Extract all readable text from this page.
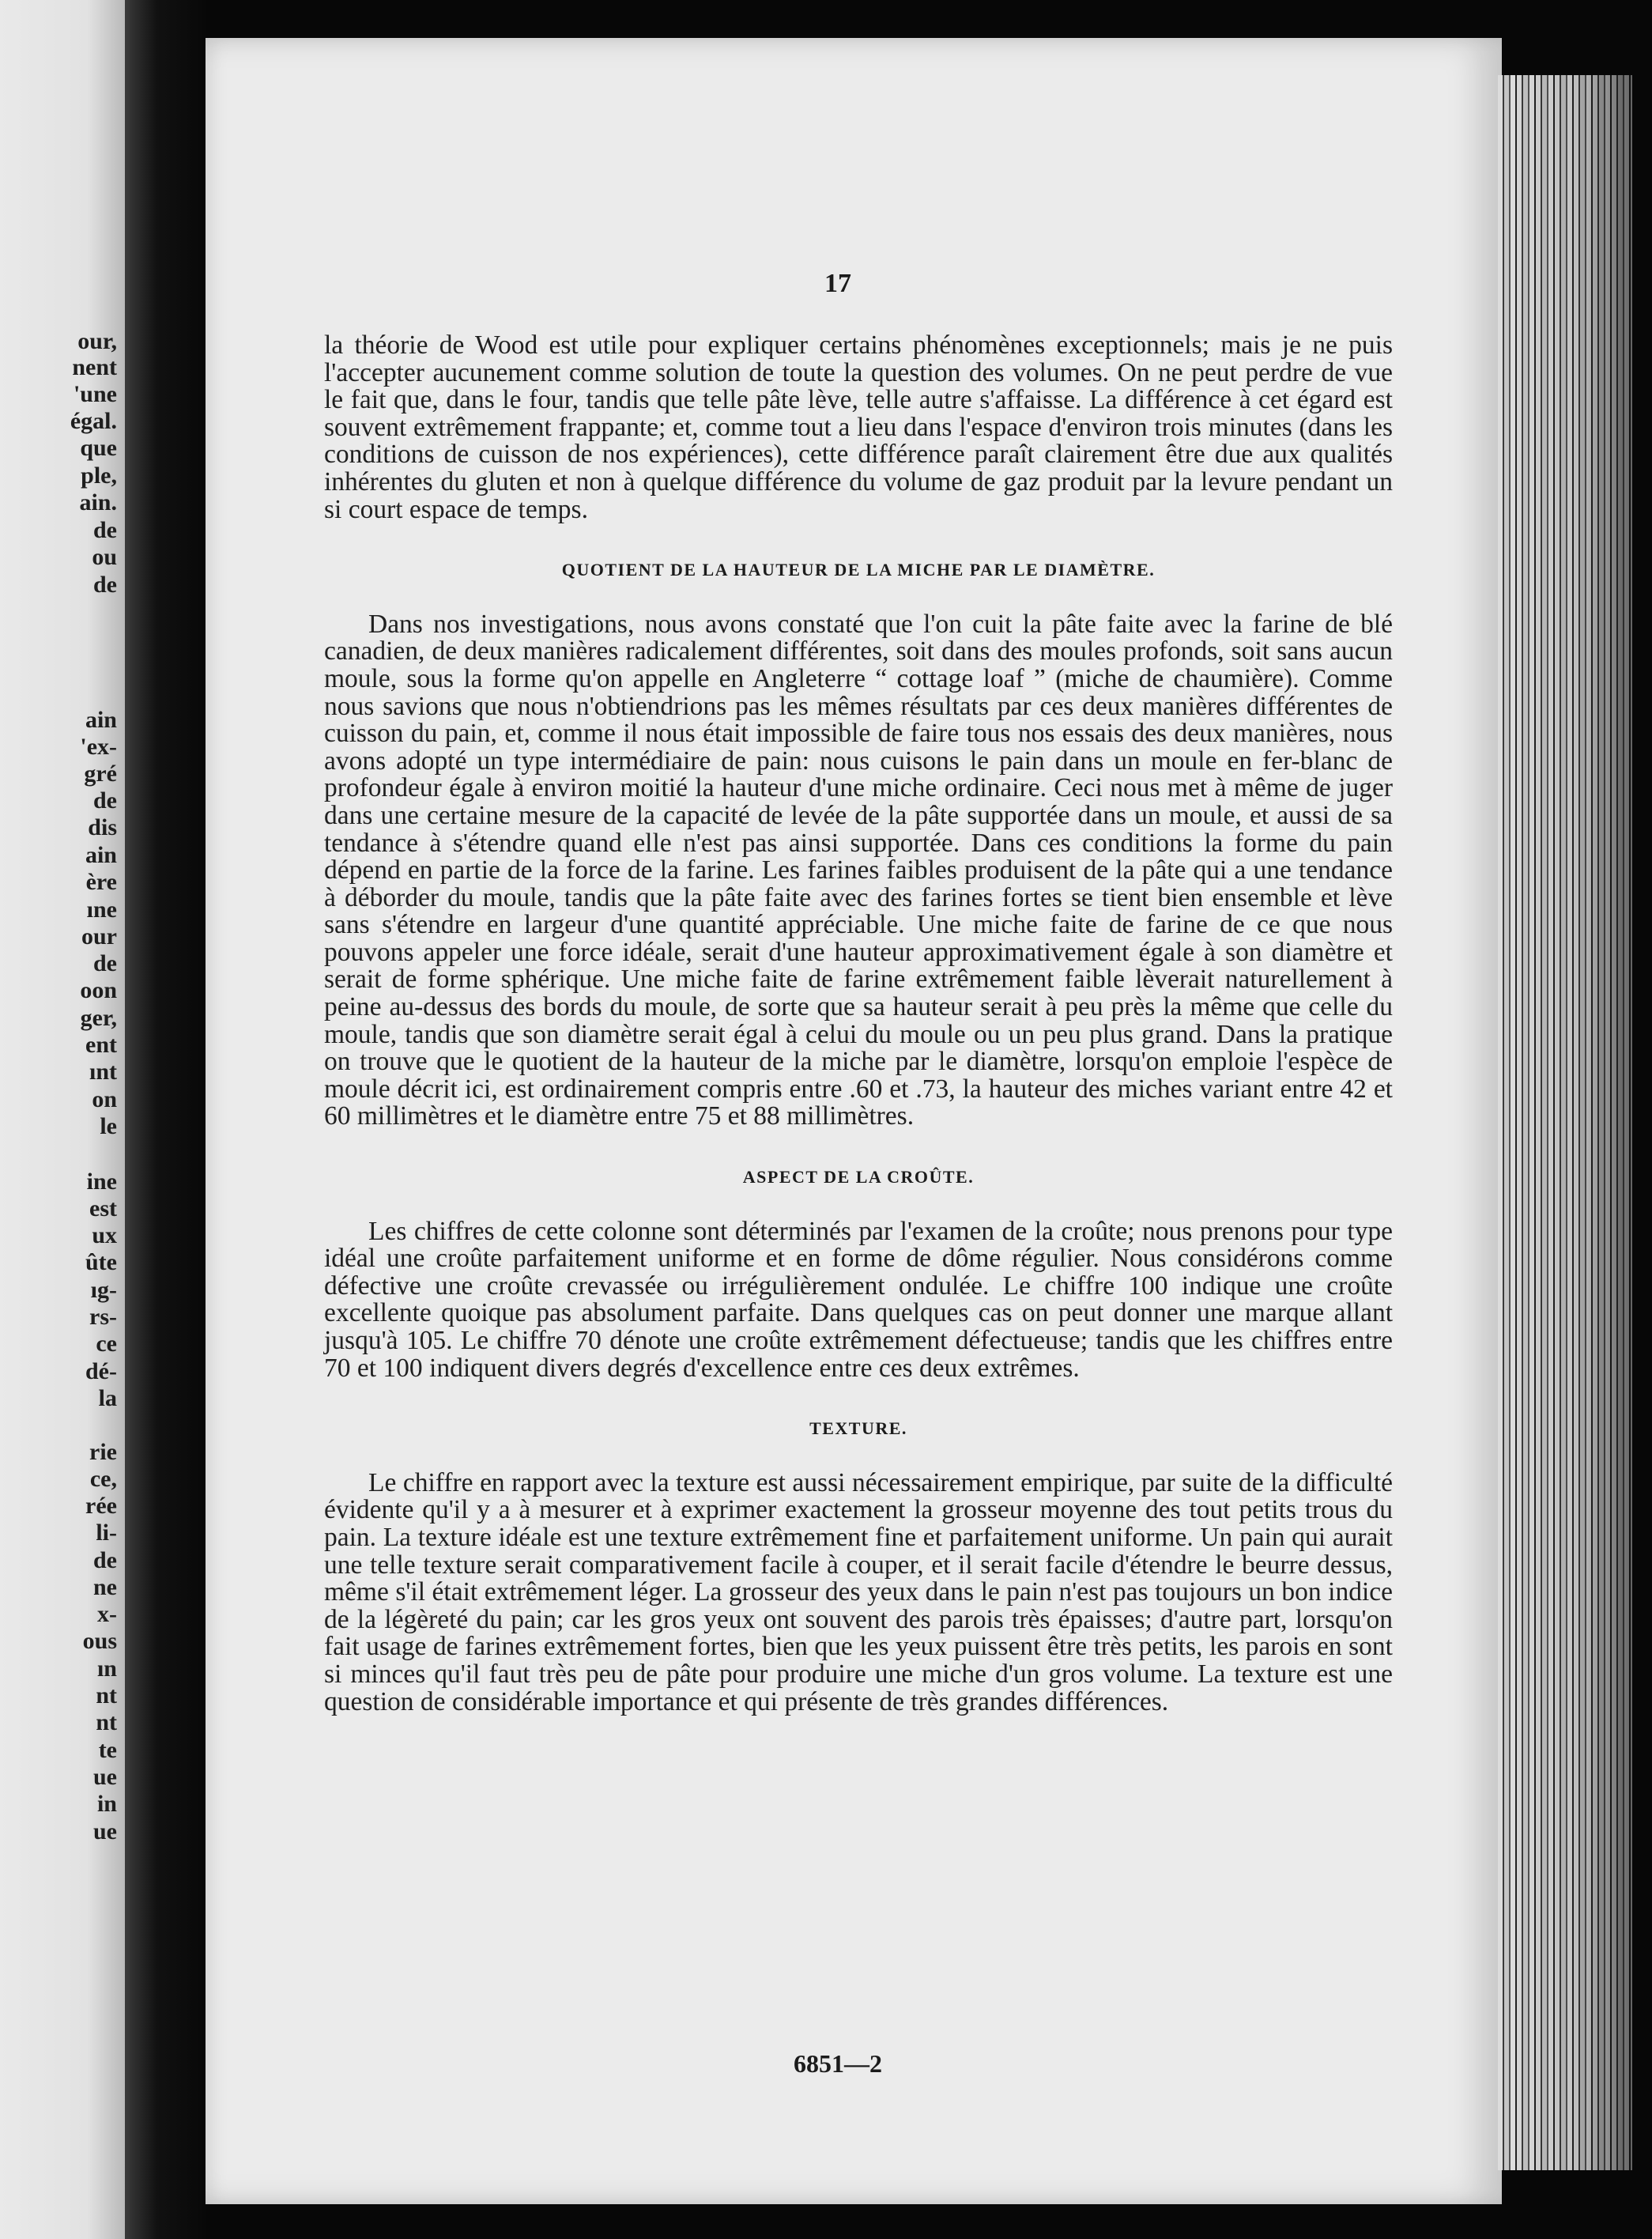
our,
nent
'une
égal.
que
ple,
ain.
de
ou
de
ain
'ex-
gré
de
dis
ain
ère
ıne
our
de
oon
ger,
ent
ınt
on
le
ine
est
ux
ûte
ıg-
rs-
ce
dé-
la
rie
ce,
rée
li-
de
ne
x-
ous
ın
nt
nt
te
ue
in
ue
17

la théorie de Wood est utile pour expliquer certains phénomènes exceptionnels; mais je ne puis l'accepter aucunement comme solution de toute la question des volumes. On ne peut perdre de vue le fait que, dans le four, tandis que telle pâte lève, telle autre s'affaisse. La différence à cet égard est souvent extrêmement frappante; et, comme tout a lieu dans l'espace d'environ trois minutes (dans les conditions de cuisson de nos expériences), cette différence paraît clairement être due aux qualités inhérentes du gluten et non à quelque différence du volume de gaz produit par la levure pendant un si court espace de temps.

QUOTIENT DE LA HAUTEUR DE LA MICHE PAR LE DIAMÈTRE.

Dans nos investigations, nous avons constaté que l'on cuit la pâte faite avec la farine de blé canadien, de deux manières radicalement différentes, soit dans des moules profonds, soit sans aucun moule, sous la forme qu'on appelle en Angleterre “ cottage loaf ” (miche de chaumière). Comme nous savions que nous n'obtiendrions pas les mêmes résultats par ces deux manières différentes de cuisson du pain, et, comme il nous était impossible de faire tous nos essais des deux manières, nous avons adopté un type intermédiaire de pain: nous cuisons le pain dans un moule en fer-blanc de profondeur égale à environ moitié la hauteur d'une miche ordinaire. Ceci nous met à même de juger dans une certaine mesure de la capacité de levée de la pâte supportée dans un moule, et aussi de sa tendance à s'étendre quand elle n'est pas ainsi supportée. Dans ces conditions la forme du pain dépend en partie de la force de la farine. Les farines faibles produisent de la pâte qui a une tendance à déborder du moule, tandis que la pâte faite avec des farines fortes se tient bien ensemble et lève sans s'étendre en largeur d'une quantité appréciable. Une miche faite de farine de ce que nous pouvons appeler une force idéale, serait d'une hauteur approximativement égale à son diamètre et serait de forme sphérique. Une miche faite de farine extrêmement faible lèverait naturellement à peine au-dessus des bords du moule, de sorte que sa hauteur serait à peu près la même que celle du moule, tandis que son diamètre serait égal à celui du moule ou un peu plus grand. Dans la pratique on trouve que le quotient de la hauteur de la miche par le diamètre, lorsqu'on emploie l'espèce de moule décrit ici, est ordinairement compris entre .60 et .73, la hauteur des miches variant entre 42 et 60 millimètres et le diamètre entre 75 et 88 millimètres.

ASPECT DE LA CROÛTE.

Les chiffres de cette colonne sont déterminés par l'examen de la croûte; nous prenons pour type idéal une croûte parfaitement uniforme et en forme de dôme régulier. Nous considérons comme défective une croûte crevassée ou irrégulièrement ondulée. Le chiffre 100 indique une croûte excellente quoique pas absolument parfaite. Dans quelques cas on peut donner une marque allant jusqu'à 105. Le chiffre 70 dénote une croûte extrêmement défectueuse; tandis que les chiffres entre 70 et 100 indiquent divers degrés d'excellence entre ces deux extrêmes.

TEXTURE.

Le chiffre en rapport avec la texture est aussi nécessairement empirique, par suite de la difficulté évidente qu'il y a à mesurer et à exprimer exactement la grosseur moyenne des tout petits trous du pain. La texture idéale est une texture extrêmement fine et parfaitement uniforme. Un pain qui aurait une telle texture serait comparativement facile à couper, et il serait facile d'étendre le beurre dessus, même s'il était extrêmement léger. La grosseur des yeux dans le pain n'est pas toujours un bon indice de la légèreté du pain; car les gros yeux ont souvent des parois très épaisses; d'autre part, lorsqu'on fait usage de farines extrêmement fortes, bien que les yeux puissent être très petits, les parois en sont si minces qu'il faut très peu de pâte pour produire une miche d'un gros volume. La texture est une question de considérable importance et qui présente de très grandes différences.

6851—2
